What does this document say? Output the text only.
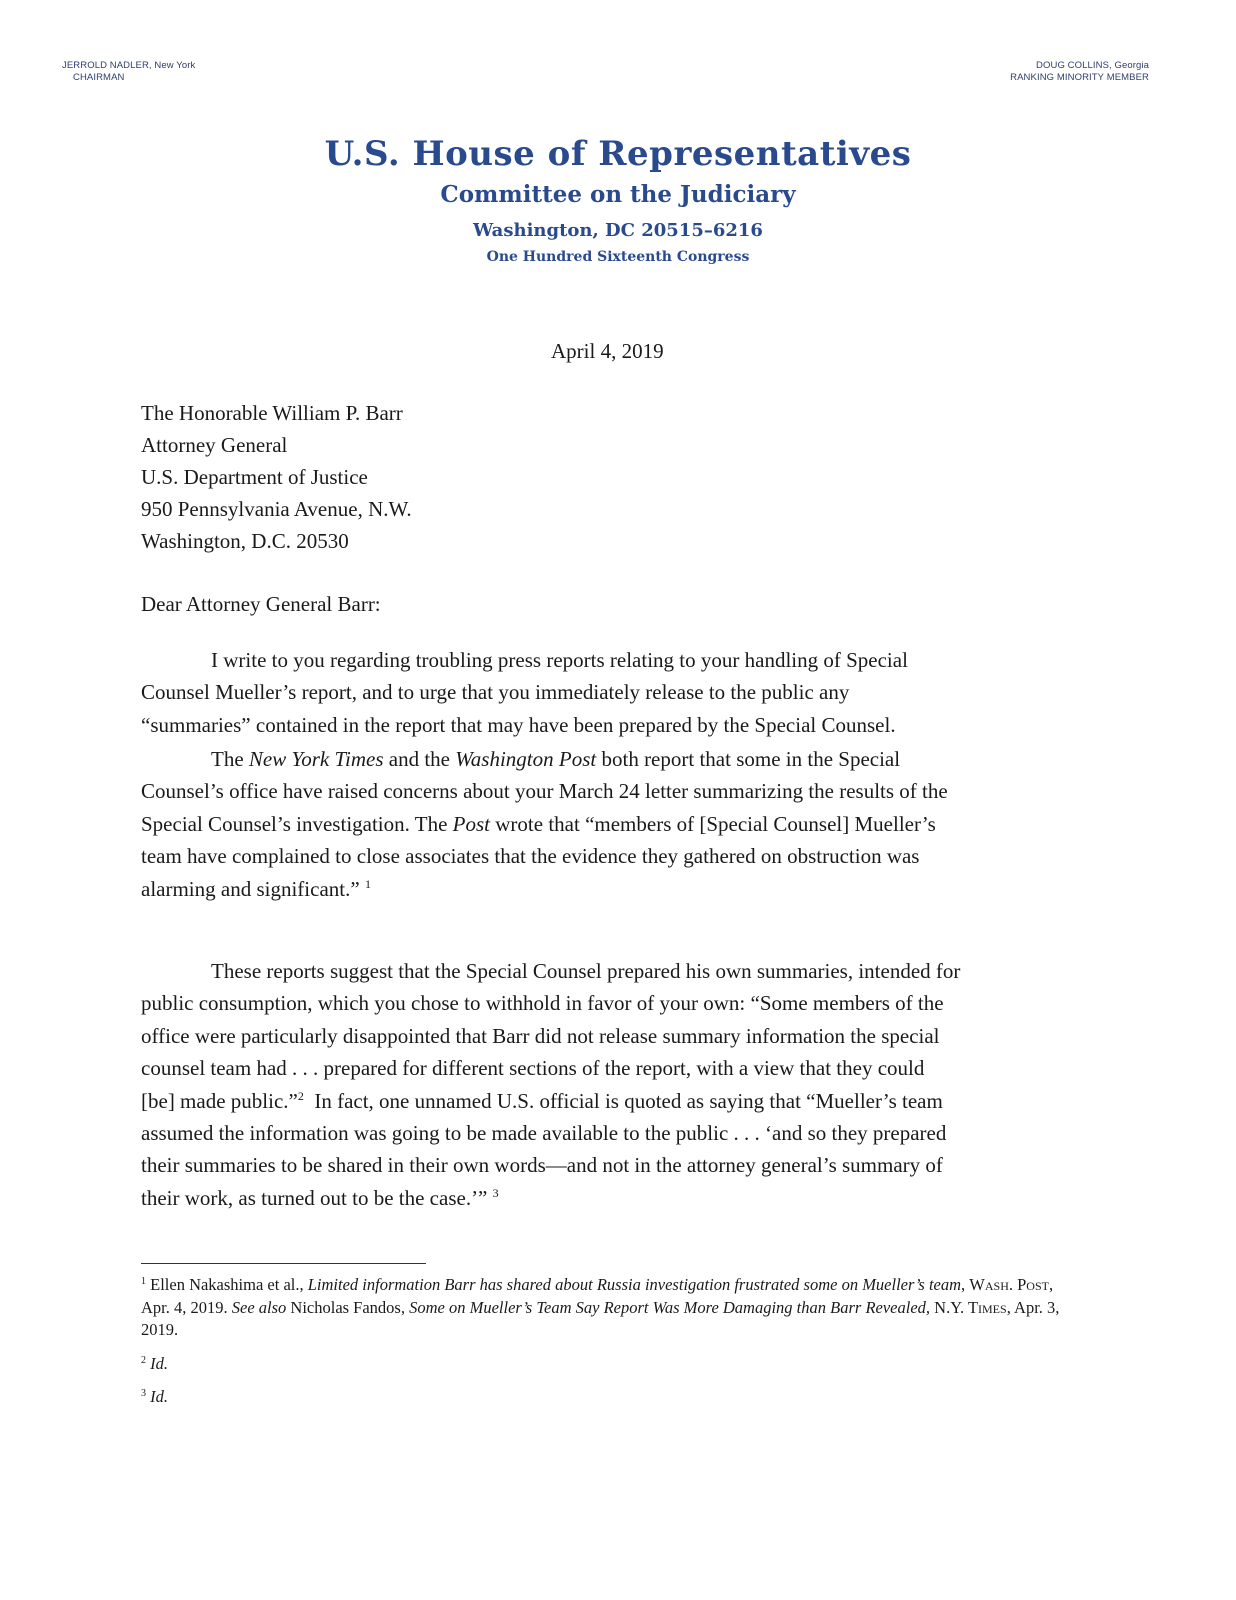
JERROLD NADLER, New York
CHAIRMAN
DOUG COLLINS, Georgia
RANKING MINORITY MEMBER
U.S. House of Representatives
Committee on the Judiciary
Washington, DC 20515–6216
One Hundred Sixteenth Congress
April 4, 2019
The Honorable William P. Barr
Attorney General
U.S. Department of Justice
950 Pennsylvania Avenue, N.W.
Washington, D.C. 20530
Dear Attorney General Barr:

I write to you regarding troubling press reports relating to your handling of Special
Counsel Mueller’s report, and to urge that you immediately release to the public any
“summaries” contained in the report that may have been prepared by the Special Counsel.

The New York Times and the Washington Post both report that some in the Special
Counsel’s office have raised concerns about your March 24 letter summarizing the results of the
Special Counsel’s investigation. The Post wrote that “members of [Special Counsel] Mueller’s
team have complained to close associates that the evidence they gathered on obstruction was
alarming and significant.” $^1$

These reports suggest that the Special Counsel prepared his own summaries, intended for
public consumption, which you chose to withhold in favor of your own: “Some members of the
office were particularly disappointed that Barr did not release summary information the special
counsel team had . . . prepared for different sections of the report, with a view that they could
[be] made public.”$^2$  In fact, one unnamed U.S. official is quoted as saying that “Mueller’s team
assumed the information was going to be made available to the public . . . ‘and so they prepared
their summaries to be shared in their own words—and not in the attorney general’s summary of
their work, as turned out to be the case.’” $^3$

$^1$ Ellen Nakashima et al., Limited information Barr has shared about Russia investigation frustrated some on Mueller’s team, Wash. Post, Apr. 4, 2019. See also Nicholas Fandos, Some on Mueller’s Team Say Report Was More Damaging than Barr Revealed, N.Y. Times, Apr. 3, 2019.
$^2$ Id.
$^3$ Id.
